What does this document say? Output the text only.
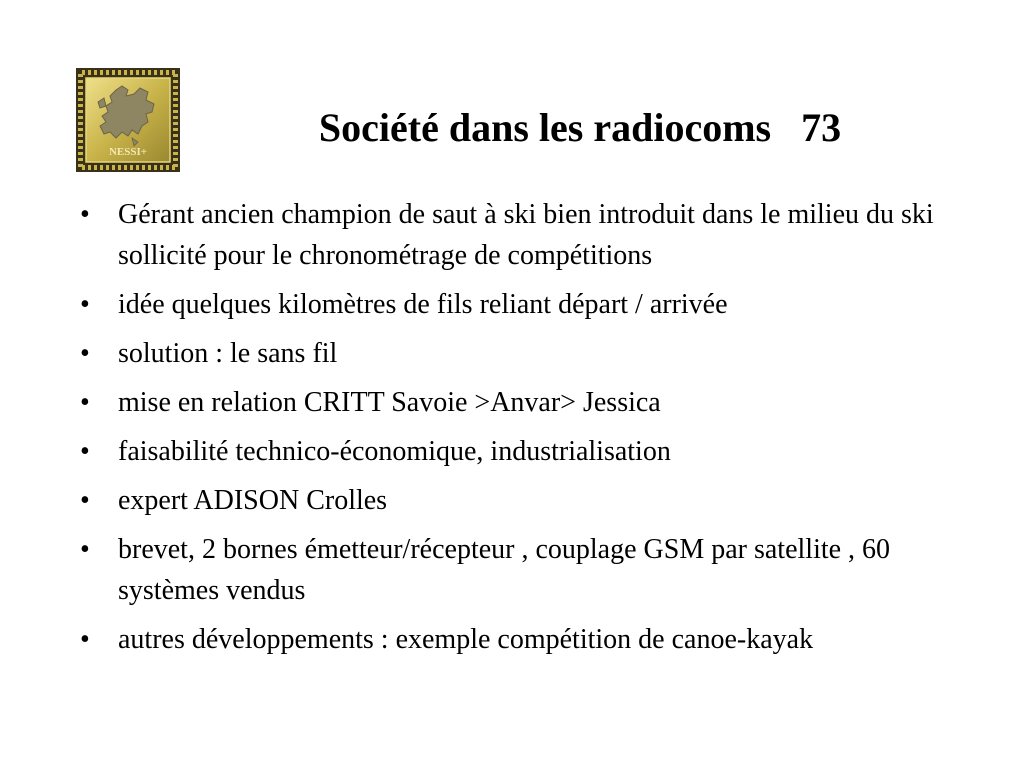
NESSI+
Société dans les radiocoms 73
•	Gérant ancien champion de saut à ski bien introduit dans le milieu du ski sollicité pour le chronométrage de compétitions
•	idée quelques kilomètres de fils reliant départ / arrivée
•	solution : le sans fil
•	mise en relation CRITT Savoie >Anvar> Jessica
•	faisabilité technico-économique, industrialisation
•	expert ADISON Crolles
•	brevet, 2 bornes émetteur/récepteur , couplage GSM par satellite , 60 systèmes vendus
•	autres développements : exemple compétition de canoe-kayak
